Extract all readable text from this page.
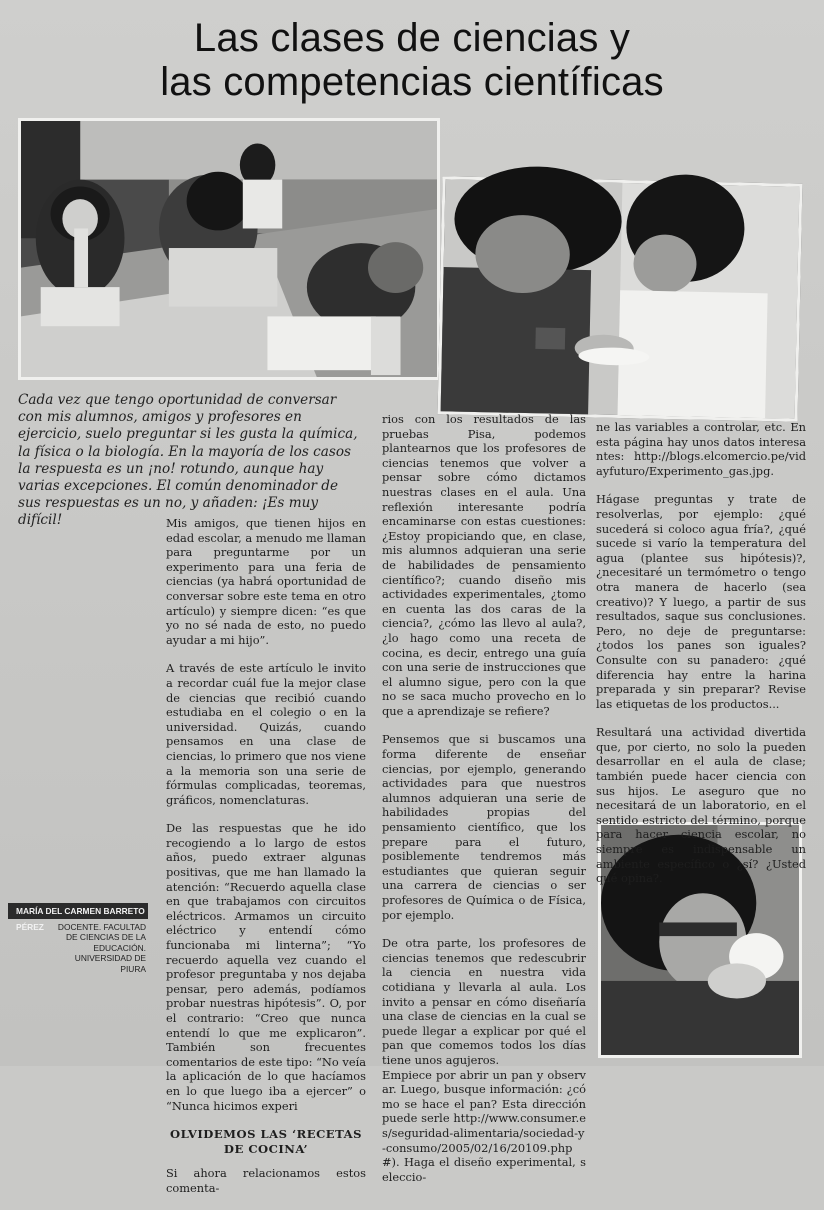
Las clases de ciencias y
las competencias científicas
Cada vez que tengo oportunidad de conversar con mis alumnos, amigos y profesores en ejercicio, suelo preguntar si les gusta la química, la física o la biología. En la mayoría de los casos la respuesta es un ¡no! rotundo, aunque hay varias excepciones. El común denominador de sus respuestas es un no, y añaden: ¡Es muy difícil!	Mis amigos, que tienen hijos en edad escolar, a menudo me llaman para preguntarme por un experimento para una feria de ciencias (ya habrá oportunidad de conversar sobre este tema en otro artículo) y siempre dicen: “es que yo no sé nada de esto, no puedo ayudar a mi hijo”.

A través de este artículo le invito a recordar cuál fue la mejor clase de ciencias que recibió cuando estudiaba en el colegio o en la universidad. Quizás, cuando pensamos en una clase de ciencias, lo primero que nos viene a la memoria son una serie de fórmulas complicadas, teoremas, gráficos, nomenclaturas.

De las respuestas que he ido recogiendo a lo largo de estos años, puedo extraer algunas positivas, que me han llamado la atención: “Recuerdo aquella clase en que trabajamos con circuitos eléctricos. Armamos un circuito eléctrico y entendí cómo funcionaba mi linterna”; “Yo recuerdo aquella vez cuando el profesor preguntaba y nos dejaba pensar, pero además, podíamos probar nuestras hipótesis”. O, por el contrario: “Creo que nunca entendí lo que me explicaron”. También son frecuentes comentarios de este tipo: “No veía la aplicación de lo que hacíamos en lo que luego iba a ejercer” o “Nunca hicimos experi

OLVIDEMOS LAS ‘RECETAS DE COCINA’

Si ahora relacionamos estos comenta-

rios con los resultados de las pruebas Pisa, podemos plantearnos que los profesores de ciencias tenemos que volver a pensar sobre cómo dictamos nuestras clases en el aula. Una reflexión interesante podría encaminarse con estas cuestiones: ¿Estoy propiciando que, en clase, mis alumnos adquieran una serie de habilidades de pensamiento científico?; cuando diseño mis actividades experimentales, ¿tomo en cuenta las dos caras de la ciencia?, ¿cómo las llevo al aula?, ¿lo hago como una receta de cocina, es decir, entrego una guía con una serie de instrucciones que el alumno sigue, pero con la que no se saca mucho provecho en lo que a aprendizaje se refiere?

Pensemos que si buscamos una forma diferente de enseñar ciencias, por ejemplo, generando actividades para que nuestros alumnos adquieran una serie de habilidades propias del pensamiento científico, que los prepare para el futuro, posiblemente tendremos más estudiantes que quieran seguir una carrera de ciencias o ser profesores de Química o de Física, por ejemplo.

De otra parte, los profesores de ciencias tenemos que redescubrir la ciencia en nuestra vida cotidiana y llevarla al aula. Los invito a pensar en cómo diseñaría una clase de ciencias en la cual se puede llegar a explicar por qué el pan que comemos todos los días tiene unos agujeros.

Empiece por abrir un pan y observar. Luego, busque información: ¿cómo se hace el pan? Esta dirección puede serle http://www.consumer.es/seguridad-alimentaria/sociedad-y-consumo/2005/02/16/20109.php#). Haga el diseño experimental, seleccio-

ne las variables a controlar, etc. En esta página hay unos datos interesantes: http://blogs.elcomercio.pe/vidayfuturo/Experimento_gas.jpg.

Hágase preguntas y trate de resolverlas, por ejemplo: ¿qué sucederá si coloco agua fría?, ¿qué sucede si varío la temperatura del agua (plantee sus hipótesis)?, ¿necesitaré un termómetro o tengo otra manera de hacerlo (sea creativo)? Y luego, a partir de sus resultados, saque sus conclusiones. Pero, no deje de preguntarse: ¿todos los panes son iguales? Consulte con su panadero: ¿qué diferencia hay entre la harina preparada y sin preparar? Revise las etiquetas de los productos...

Resultará una actividad divertida que, por cierto, no solo la pueden desarrollar en el aula de clase; también puede hacer ciencia con sus hijos. Le aseguro que no necesitará de un laboratorio, en el sentido estricto del término, porque para hacer ciencia escolar, no siempre es indispensable un ambiente específico o ¿sí? ¿Usted qué opina?.

MARÍA DEL CARMEN BARRETO PÉREZ	DOCENTE. FACULTAD DE CIENCIAS DE LA EDUCACIÓN. UNIVERSIDAD DE PIURA
